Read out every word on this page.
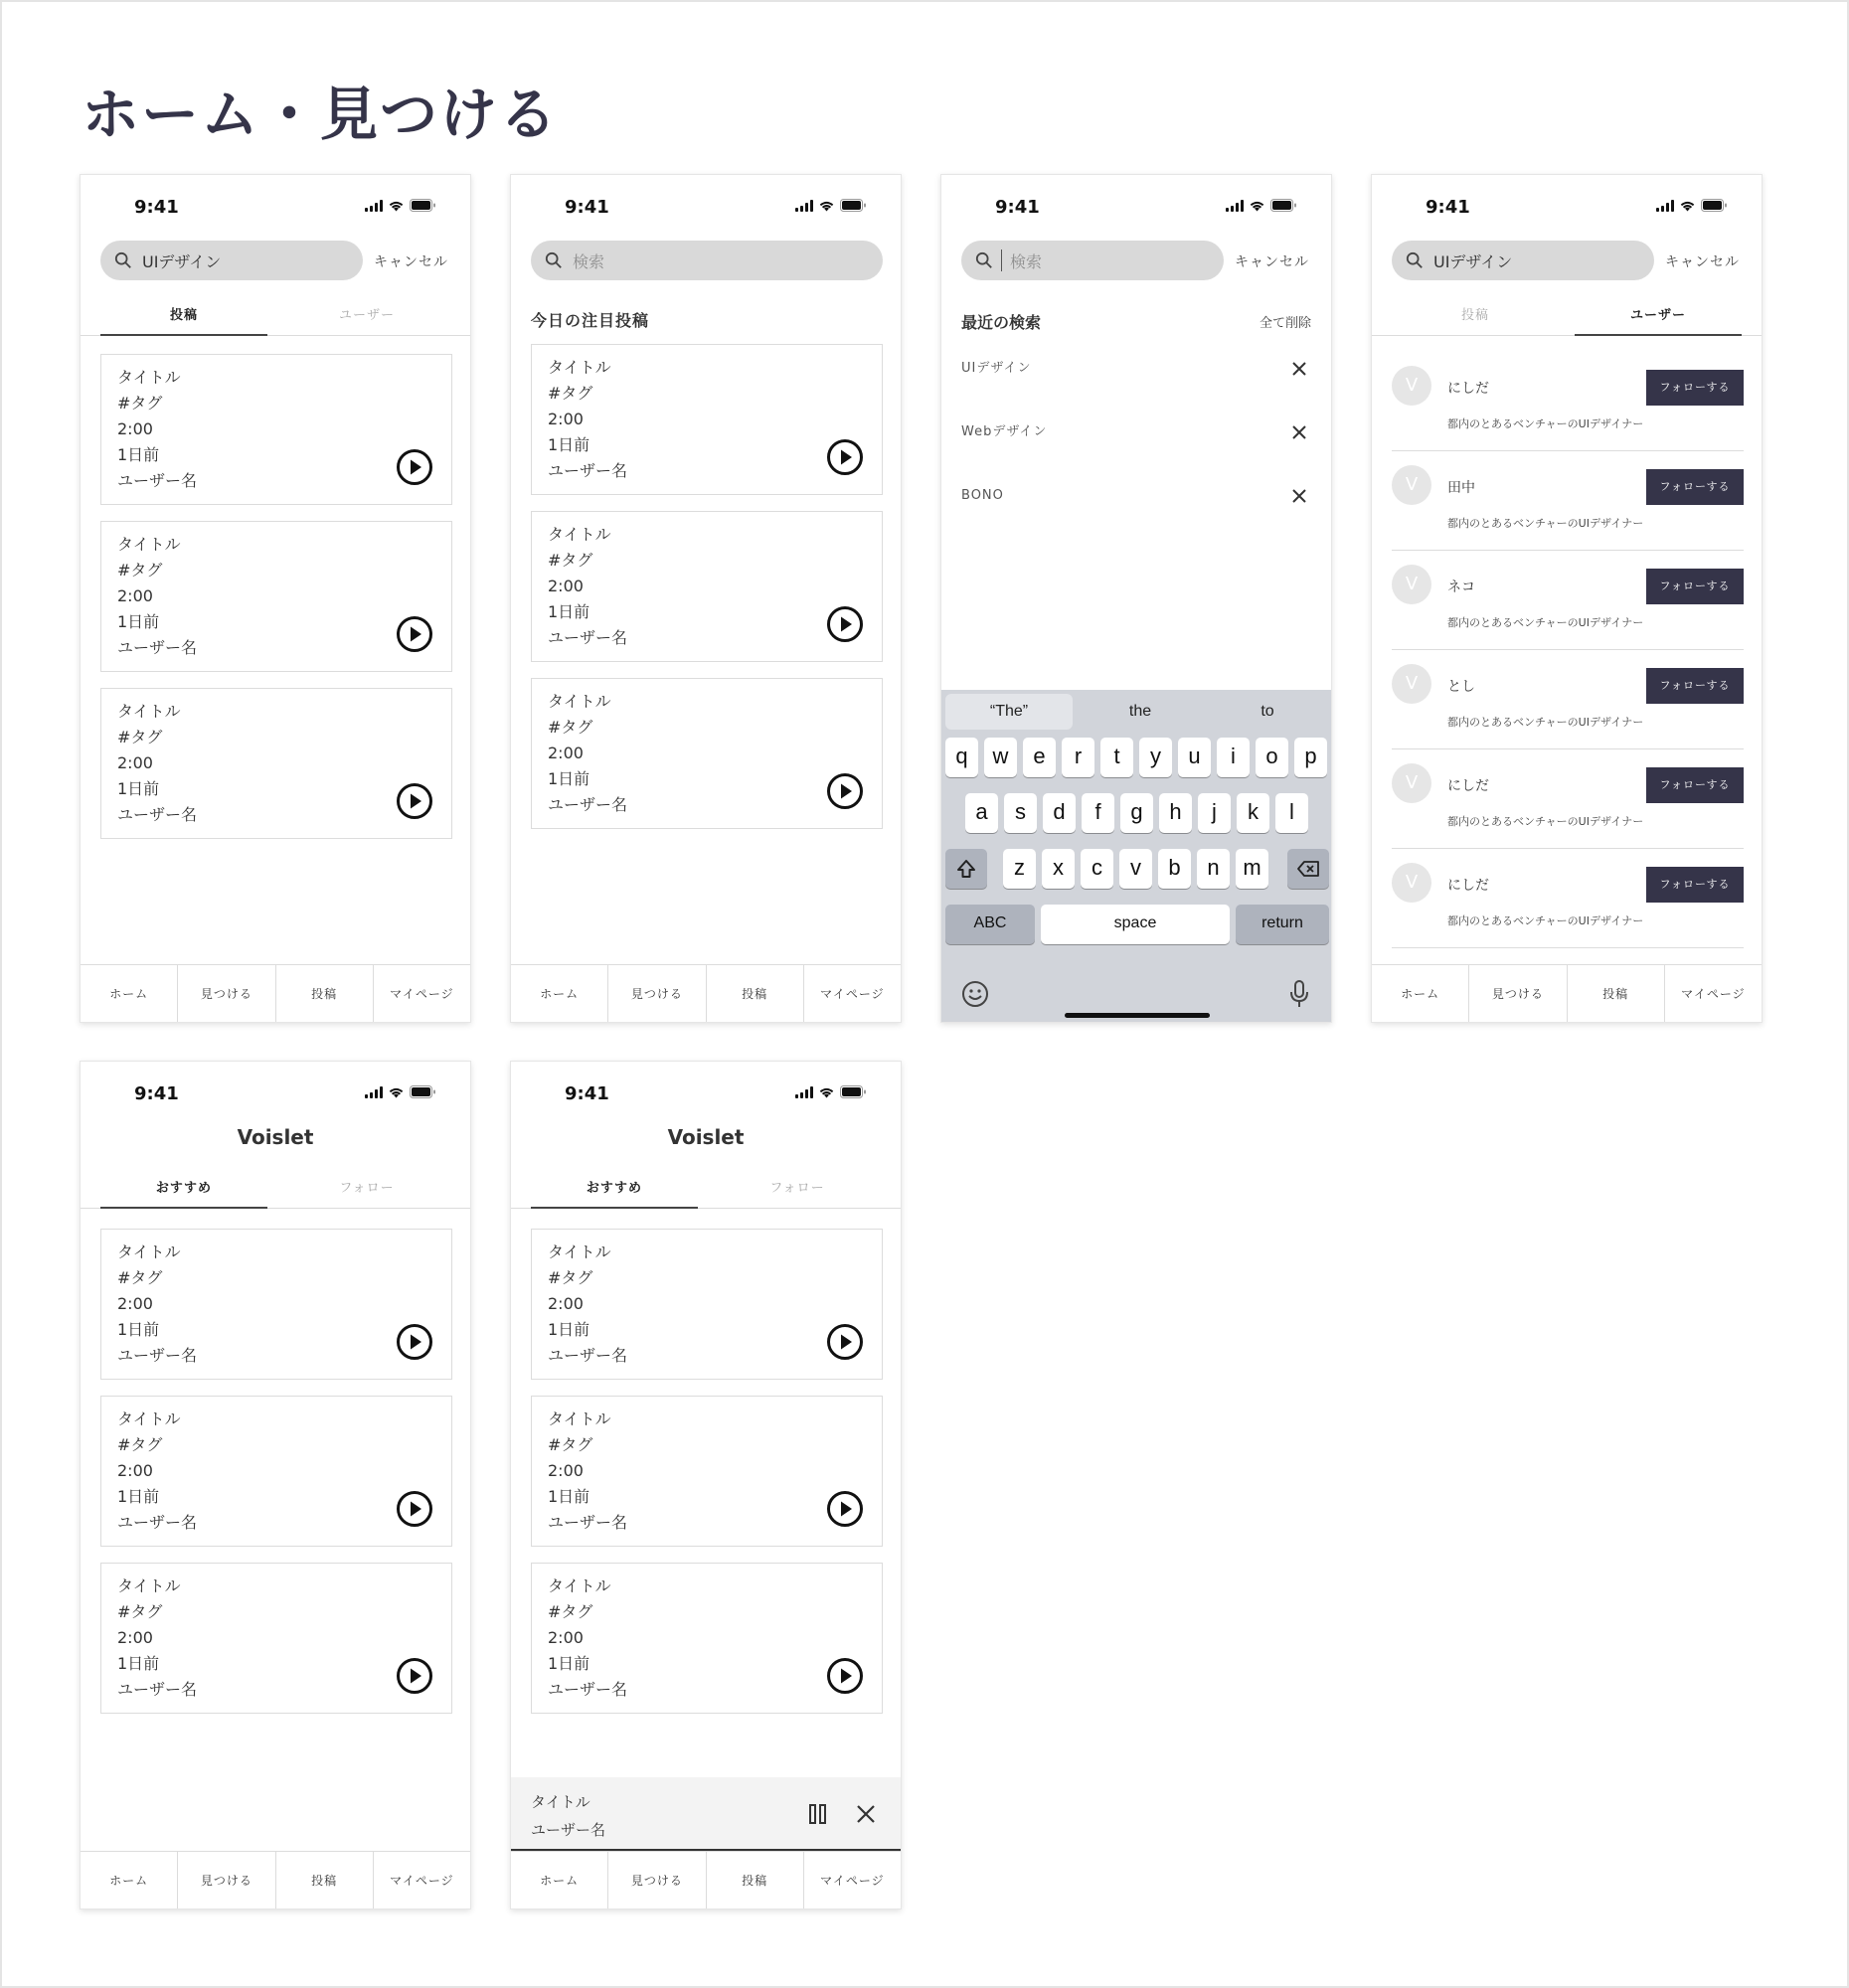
ホーム・見つける
9:41
UIデザイン	キャンセル
投稿	ユーザー
タイトル
#タグ
2:00
1日前
ユーザー名
タイトル
#タグ
2:00
1日前
ユーザー名
タイトル
#タグ
2:00
1日前
ユーザー名
ホーム	見つける	投稿	マイページ
9:41
検索
今日の注目投稿
タイトル
#タグ
2:00
1日前
ユーザー名
タイトル
#タグ
2:00
1日前
ユーザー名
タイトル
#タグ
2:00
1日前
ユーザー名
ホーム	見つける	投稿	マイページ
9:41
検索	キャンセル
最近の検索	全て削除
UIデザイン
Webデザイン
BONO
“The”	the	to
q	w	e	r	t	y	u	i	o	p
a	s	d	f	g	h	j	k	l
z	x	c	v	b	n	m
ABC	space	return
9:41
UIデザイン	キャンセル
投稿	ユーザー
V	にしだ
都内のとあるベンチャーのUIデザイナー
フォローする
V	田中
都内のとあるベンチャーのUIデザイナー
フォローする
V	ネコ
都内のとあるベンチャーのUIデザイナー
フォローする
V	とし
都内のとあるベンチャーのUIデザイナー
フォローする
V	にしだ
都内のとあるベンチャーのUIデザイナー
フォローする
V	にしだ
都内のとあるベンチャーのUIデザイナー
フォローする
ホーム	見つける	投稿	マイページ
9:41
Voislet
おすすめ	フォロー
タイトル
#タグ
2:00
1日前
ユーザー名
タイトル
#タグ
2:00
1日前
ユーザー名
タイトル
#タグ
2:00
1日前
ユーザー名
ホーム	見つける	投稿	マイページ
9:41
Voislet
おすすめ	フォロー
タイトル
#タグ
2:00
1日前
ユーザー名
タイトル
#タグ
2:00
1日前
ユーザー名
タイトル
#タグ
2:00
1日前
ユーザー名
タイトル
ユーザー名
ホーム	見つける	投稿	マイページ
